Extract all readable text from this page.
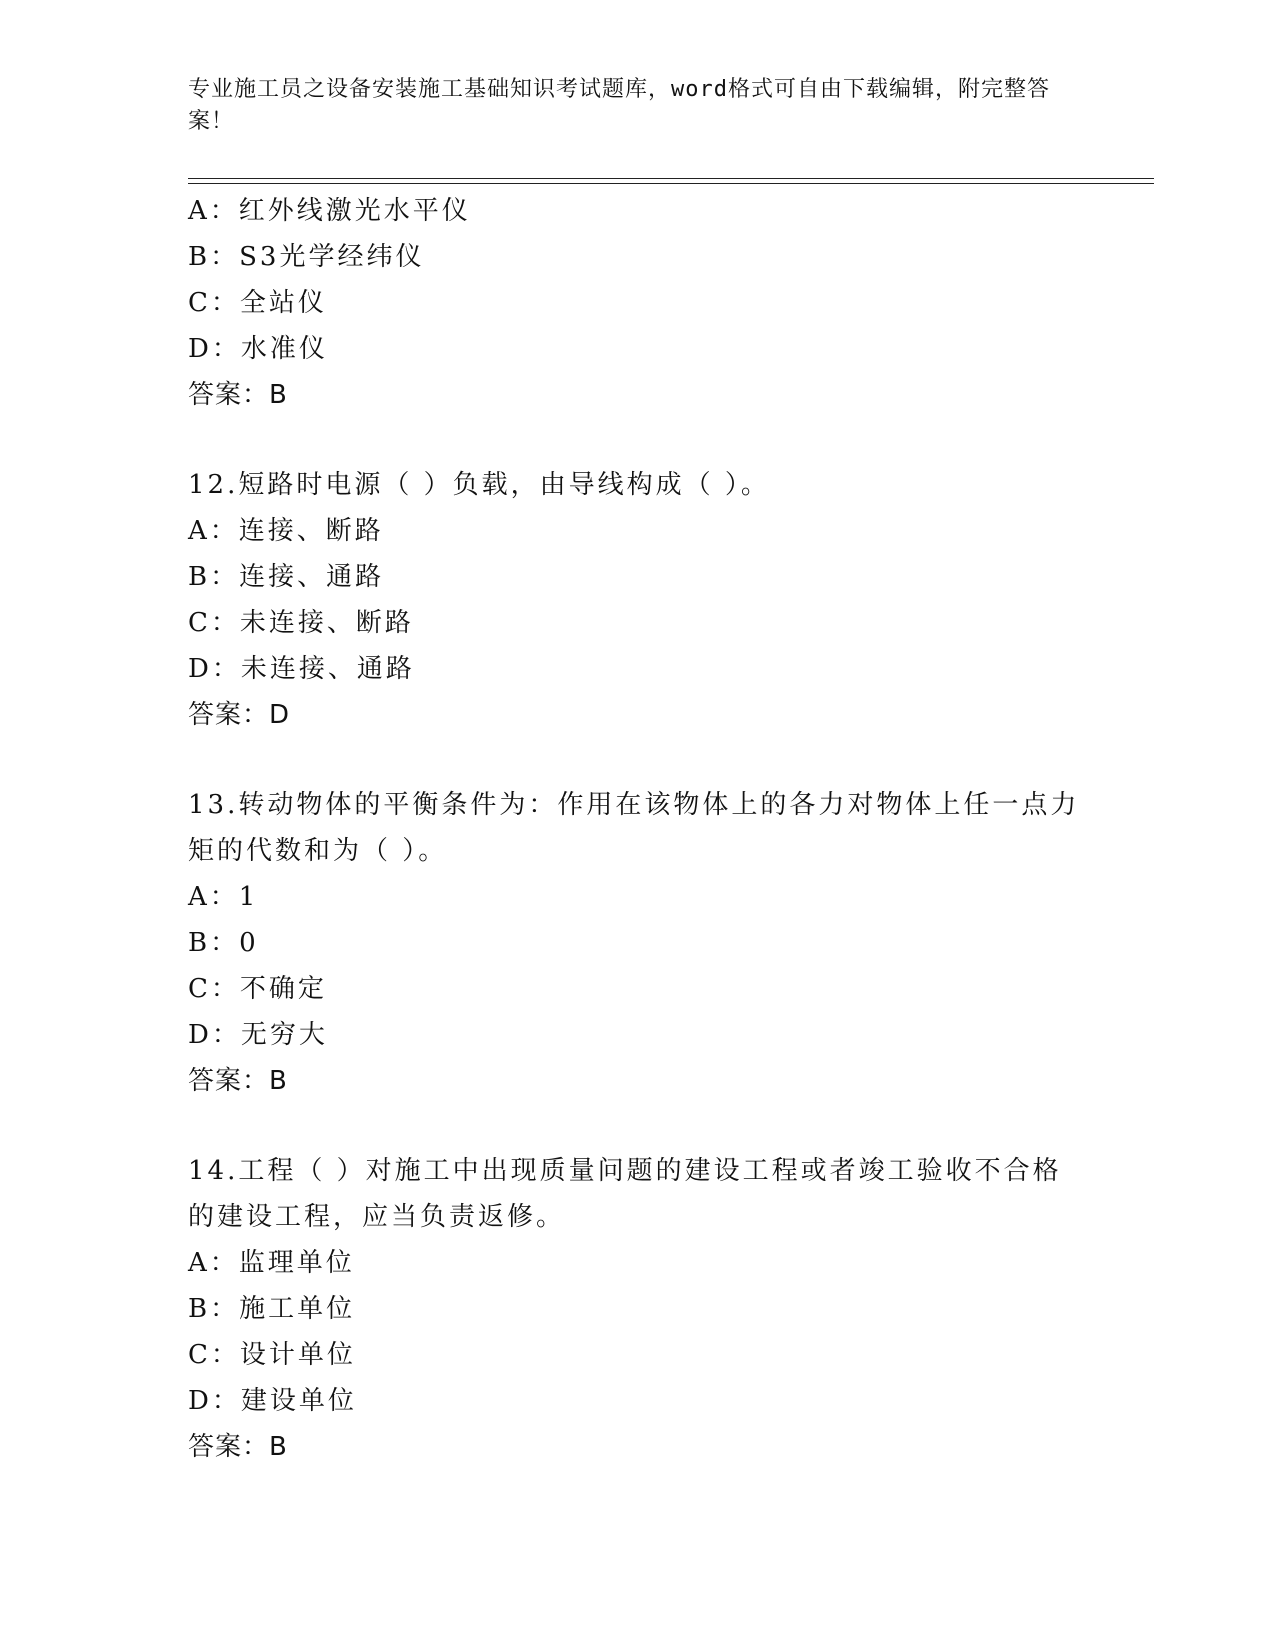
专业施工员之设备安装施工基础知识考试题库，word格式可自由下载编辑，附完整答案！
A：红外线激光水平仪
B：S3光学经纬仪
C：全站仪
D：水准仪
答案：B
12.短路时电源（ ）负载，由导线构成（ ）。
A：连接、断路
B：连接、通路
C：未连接、断路
D：未连接、通路
答案：D
13.转动物体的平衡条件为：作用在该物体上的各力对物体上任一点力矩的代数和为（ ）。
A：1
B：0
C：不确定
D：无穷大
答案：B
14.工程（ ）对施工中出现质量问题的建设工程或者竣工验收不合格的建设工程，应当负责返修。
A：监理单位
B：施工单位
C：设计单位
D：建设单位
答案：B
